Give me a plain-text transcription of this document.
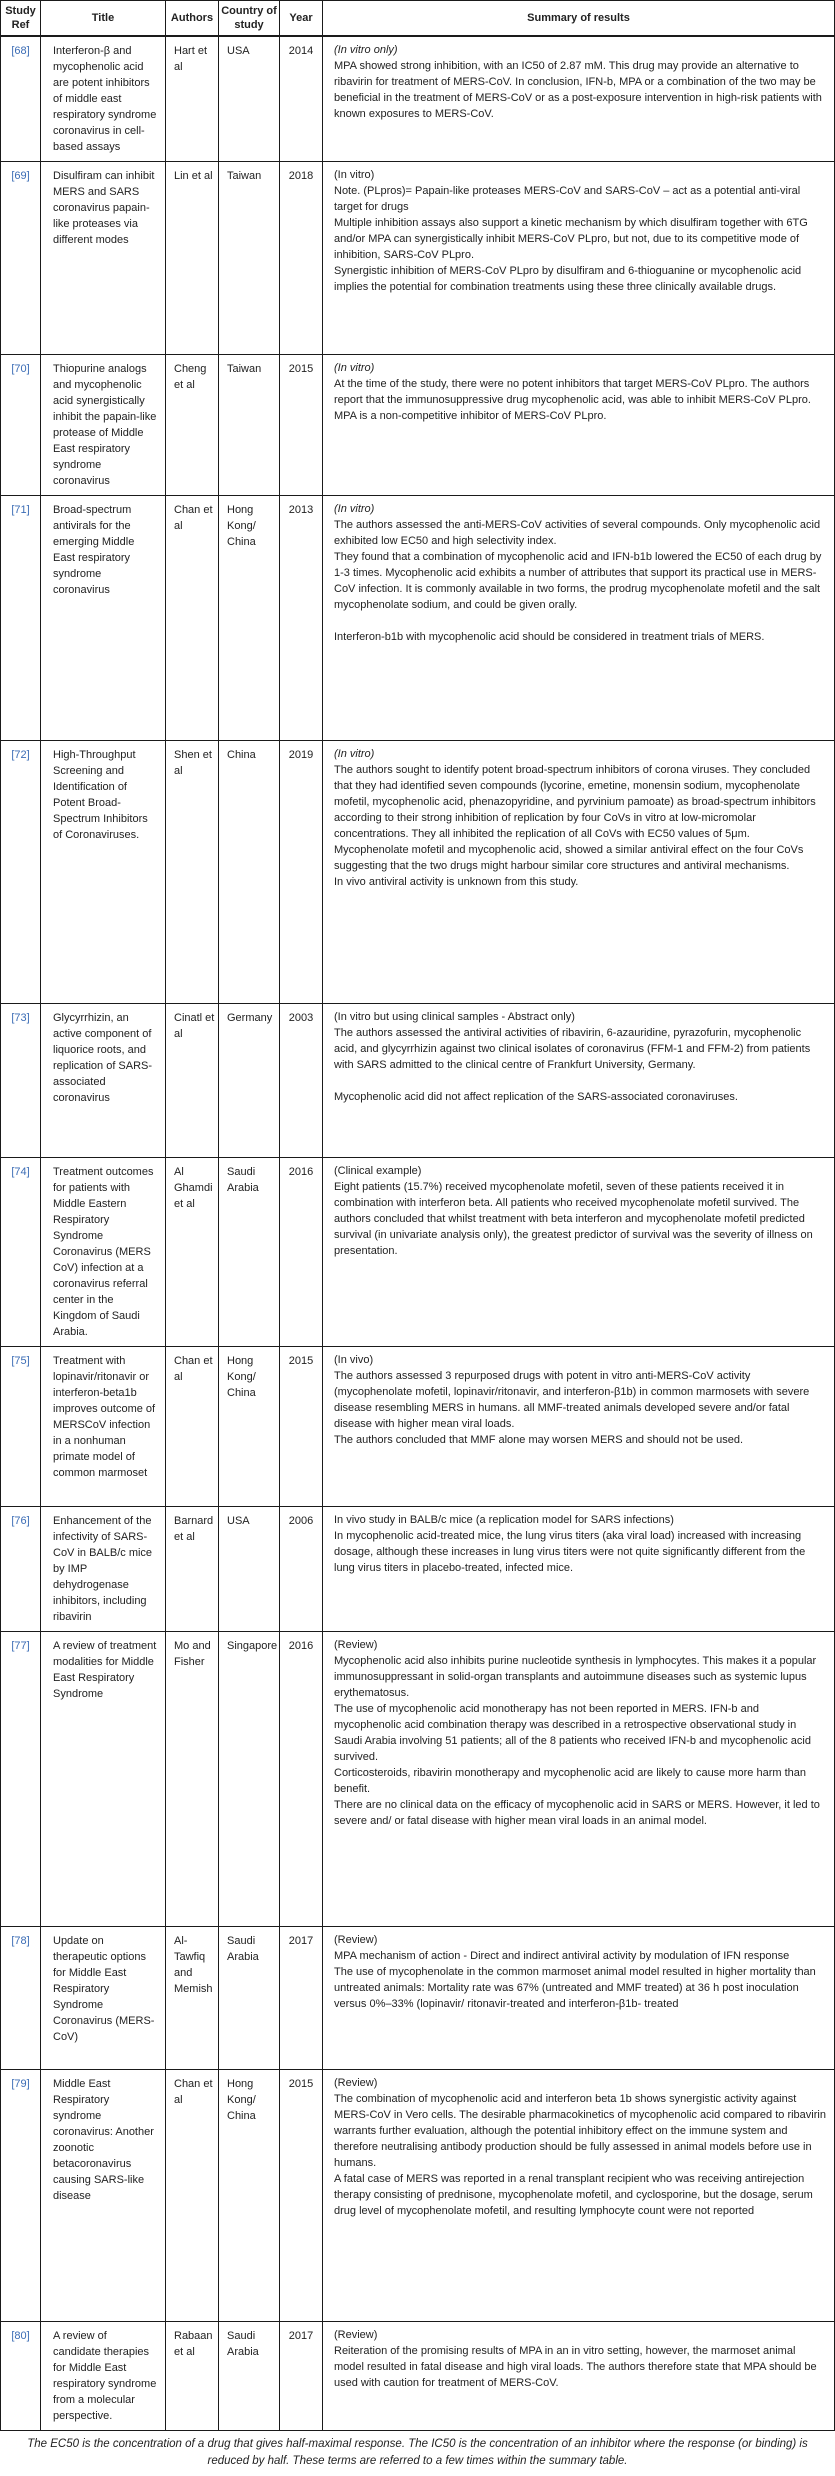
Study Ref	Title	Authors	Country of study	Year	Summary of results
[68]	Interferon-β and mycophenolic acid are potent inhibitors of middle east respiratory syndrome coronavirus in cell-based assays	Hart et al	USA	2014	(In vitro only)
MPA showed strong inhibition, with an IC50 of 2.87 mM. This drug may provide an alternative to ribavirin for treatment of MERS-CoV. In conclusion, IFN-b, MPA or a combination of the two may be beneficial in the treatment of MERS-CoV or as a post-exposure intervention in high-risk patients with known exposures to MERS-CoV.

[69]	Disulfiram can inhibit MERS and SARS coronavirus papain-like proteases via different modes	Lin et al	Taiwan	2018	(In vitro)
Note. (PLpros)= Papain-like proteases MERS-CoV and SARS-CoV – act as a potential anti-viral target for drugs
Multiple inhibition assays also support a kinetic mechanism by which disulfiram together with 6TG and/or MPA can synergistically inhibit MERS-CoV PLpro, but not, due to its competitive mode of inhibition, SARS-CoV PLpro.
Synergistic inhibition of MERS-CoV PLpro by disulfiram and 6-thioguanine or mycophenolic acid implies the potential for combination treatments using these three clinically available drugs.

[70]	Thiopurine analogs and mycophenolic acid synergistically inhibit the papain-like protease of Middle East respiratory syndrome coronavirus	Cheng et al	Taiwan	2015	(In vitro)
At the time of the study, there were no potent inhibitors that target MERS-CoV PLpro. The authors report that the immunosuppressive drug mycophenolic acid, was able to inhibit MERS-CoV PLpro.
MPA is a non-competitive inhibitor of MERS-CoV PLpro.

[71]	Broad-spectrum antivirals for the emerging Middle East respiratory syndrome coronavirus	Chan et al	Hong Kong/ China	2013	(In vitro)
The authors assessed the anti-MERS-CoV activities of several compounds. Only mycophenolic acid exhibited low EC50 and high selectivity index.
They found that a combination of mycophenolic acid and IFN-b1b lowered the EC50 of each drug by 1-3 times. Mycophenolic acid exhibits a number of attributes that support its practical use in MERS-CoV infection. It is commonly available in two forms, the prodrug mycophenolate mofetil and the salt mycophenolate sodium, and could be given orally.
Interferon-b1b with mycophenolic acid should be considered in treatment trials of MERS.

[72]	High-Throughput Screening and Identification of Potent Broad-Spectrum Inhibitors of Coronaviruses.	Shen et al	China	2019	(In vitro)
The authors sought to identify potent broad-spectrum inhibitors of corona viruses. They concluded that they had identified seven compounds (lycorine, emetine, monensin sodium, mycophenolate mofetil, mycophenolic acid, phenazopyridine, and pyrvinium pamoate) as broad-spectrum inhibitors according to their strong inhibition of replication by four CoVs in vitro at low-micromolar concentrations. They all inhibited the replication of all CoVs with EC50 values of 5μm.
Mycophenolate mofetil and mycophenolic acid, showed a similar antiviral effect on the four CoVs suggesting that the two drugs might harbour similar core structures and antiviral mechanisms.
In vivo antiviral activity is unknown from this study.

[73]	Glycyrrhizin, an active component of liquorice roots, and replication of SARS-associated coronavirus	Cinatl et al	Germany	2003	(In vitro but using clinical samples - Abstract only)
The authors assessed the antiviral activities of ribavirin, 6-azauridine, pyrazofurin, mycophenolic acid, and glycyrrhizin against two clinical isolates of coronavirus (FFM-1 and FFM-2) from patients with SARS admitted to the clinical centre of Frankfurt University, Germany.
Mycophenolic acid did not affect replication of the SARS-associated coronaviruses.

[74]	Treatment outcomes for patients with Middle Eastern Respiratory Syndrome Coronavirus (MERS CoV) infection at a coronavirus referral center in the Kingdom of Saudi Arabia.	Al Ghamdi et al	Saudi Arabia	2016	(Clinical example)
Eight patients (15.7%) received mycophenolate mofetil, seven of these patients received it in combination with interferon beta. All patients who received mycophenolate mofetil survived. The authors concluded that whilst treatment with beta interferon and mycophenolate mofetil predicted survival (in univariate analysis only), the greatest predictor of survival was the severity of illness on presentation.

[75]	Treatment with lopinavir/ritonavir or interferon-beta1b improves outcome of MERSCoV infection in a nonhuman primate model of common marmoset	Chan et al	Hong Kong/ China	2015	(In vivo)
The authors assessed 3 repurposed drugs with potent in vitro anti-MERS-CoV activity (mycophenolate mofetil, lopinavir/ritonavir, and interferon-β1b) in common marmosets with severe disease resembling MERS in humans. all MMF-treated animals developed severe and/or fatal disease with higher mean viral loads.
The authors concluded that MMF alone may worsen MERS and should not be used.

[76]	Enhancement of the infectivity of SARS-CoV in BALB/c mice by IMP dehydrogenase inhibitors, including ribavirin	Barnard et al	USA	2006	In vivo study in BALB/c mice (a replication model for SARS infections)
In mycophenolic acid-treated mice, the lung virus titers (aka viral load) increased with increasing dosage, although these increases in lung virus titers were not quite significantly different from the lung virus titers in placebo-treated, infected mice.

[77]	A review of treatment modalities for Middle East Respiratory Syndrome	Mo and Fisher	Singapore	2016	(Review)
Mycophenolic acid also inhibits purine nucleotide synthesis in lymphocytes. This makes it a popular immunosuppressant in solid-organ transplants and autoimmune diseases such as systemic lupus erythematosus.
The use of mycophenolic acid monotherapy has not been reported in MERS. IFN-b and mycophenolic acid combination therapy was described in a retrospective observational study in Saudi Arabia involving 51 patients; all of the 8 patients who received IFN-b and mycophenolic acid survived.
Corticosteroids, ribavirin monotherapy and mycophenolic acid are likely to cause more harm than benefit.
There are no clinical data on the efficacy of mycophenolic acid in SARS or MERS. However, it led to severe and/ or fatal disease with higher mean viral loads in an animal model.

[78]	Update on therapeutic options for Middle East Respiratory Syndrome Coronavirus (MERS-CoV)	Al-Tawfiq and Memish	Saudi Arabia	2017	(Review)
MPA mechanism of action - Direct and indirect antiviral activity by modulation of IFN response
The use of mycophenolate in the common marmoset animal model resulted in higher mortality than untreated animals: Mortality rate was 67% (untreated and MMF treated) at 36 h post inoculation versus 0%–33% (lopinavir/ ritonavir-treated and interferon-β1b- treated

[79]	Middle East Respiratory syndrome coronavirus: Another zoonotic betacoronavirus causing SARS-like disease	Chan et al	Hong Kong/ China	2015	(Review)
The combination of mycophenolic acid and interferon beta 1b shows synergistic activity against MERS-CoV in Vero cells. The desirable pharmacokinetics of mycophenolic acid compared to ribavirin warrants further evaluation, although the potential inhibitory effect on the immune system and therefore neutralising antibody production should be fully assessed in animal models before use in humans.
A fatal case of MERS was reported in a renal transplant recipient who was receiving antirejection therapy consisting of prednisone, mycophenolate mofetil, and cyclosporine, but the dosage, serum drug level of mycophenolate mofetil, and resulting lymphocyte count were not reported

[80]	A review of candidate therapies for Middle East respiratory syndrome from a molecular perspective.	Rabaan et al	Saudi Arabia	2017	(Review)
Reiteration of the promising results of MPA in an in vitro setting, however, the marmoset animal model resulted in fatal disease and high viral loads. The authors therefore state that MPA should be used with caution for treatment of MERS-CoV.
The EC50 is the concentration of a drug that gives half-maximal response. The IC50 is the concentration of an inhibitor where the response (or binding) is reduced by half. These terms are referred to a few times within the summary table.
